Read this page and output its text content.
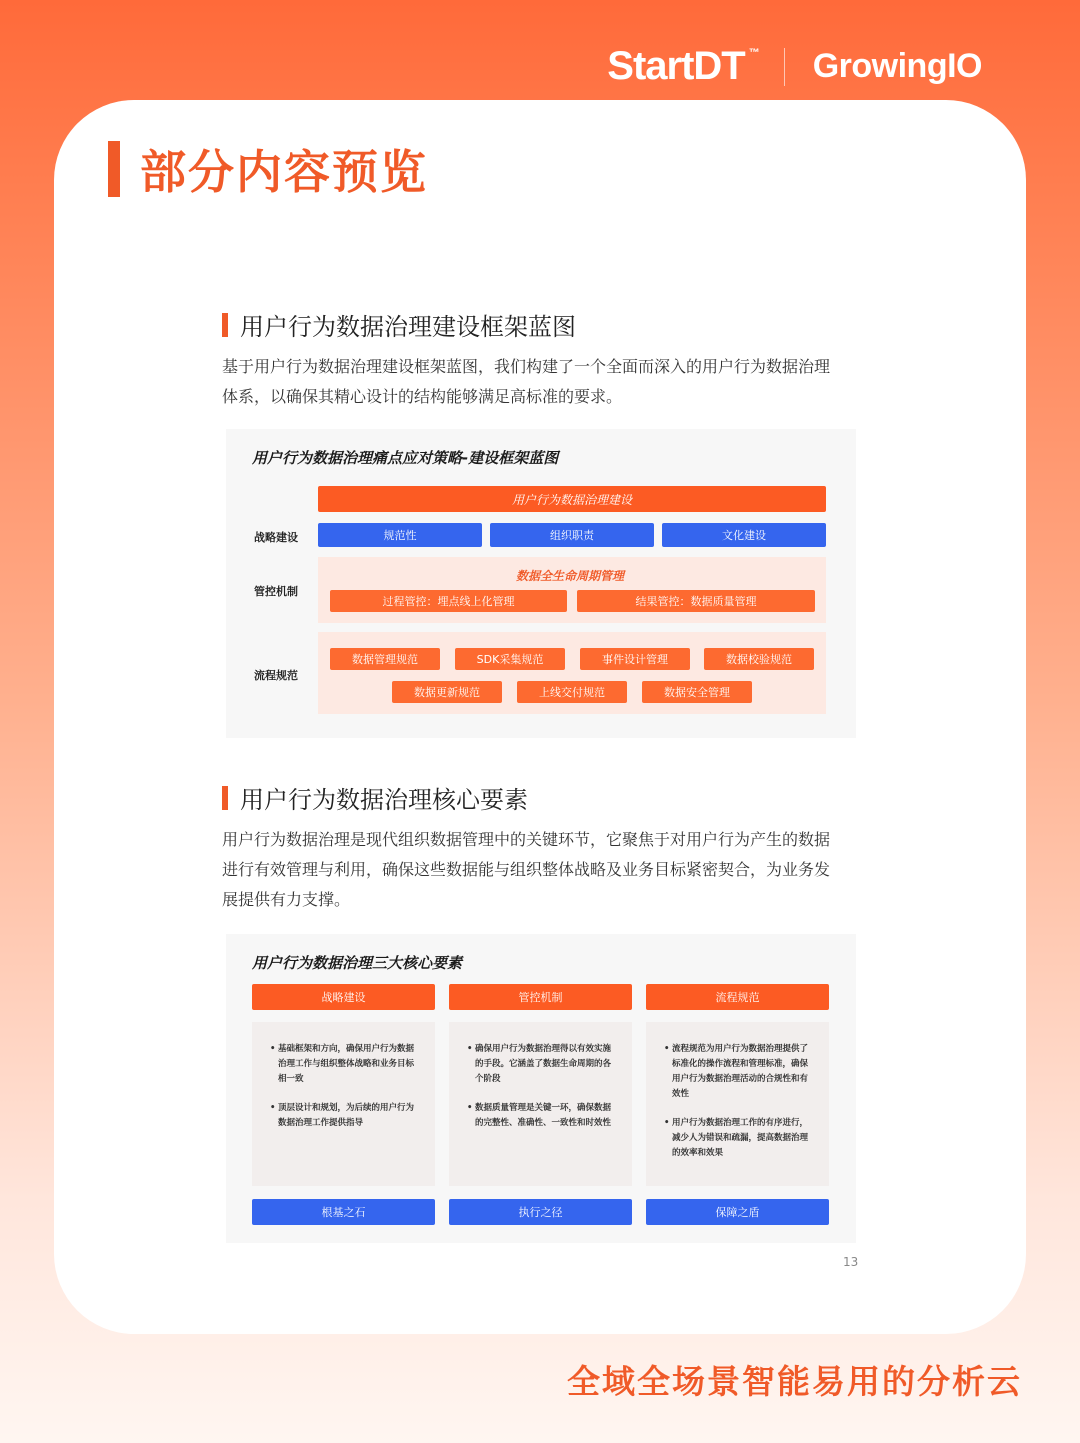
StartDT ™ GrowingIO
部分内容预览
用户行为数据治理建设框架蓝图
基于用户行为数据治理建设框架蓝图，我们构建了一个全面而深入的用户行为数据治理
体系，以确保其精心设计的结构能够满足高标准的要求。
用户行为数据治理痛点应对策略-建设框架蓝图
用户行为数据治理建设
战略建设	规范性	组织职责	文化建设
管控机制
数据全生命周期管理
过程管控：埋点线上化管理	结果管控：数据质量管理
流程规范
数据管理规范	SDK采集规范	事件设计管理	数据校验规范
数据更新规范	上线交付规范	数据安全管理
用户行为数据治理核心要素
用户行为数据治理是现代组织数据管理中的关键环节，它聚焦于对用户行为产生的数据
进行有效管理与利用，确保这些数据能与组织整体战略及业务目标紧密契合，为业务发
展提供有力支撑。
用户行为数据治理三大核心要素
战略建设
• 基础框架和方向，确保用户行为数据治理工作与组织整体战略和业务目标相一致
• 顶层设计和规划，为后续的用户行为数据治理工作提供指导
根基之石
管控机制
• 确保用户行为数据治理得以有效实施的手段。它涵盖了数据生命周期的各个阶段
• 数据质量管理是关键一环，确保数据的完整性、准确性、一致性和时效性
执行之径
流程规范
• 流程规范为用户行为数据治理提供了标准化的操作流程和管理标准，确保用户行为数据治理活动的合规性和有效性
• 用户行为数据治理工作的有序进行，减少人为错误和疏漏，提高数据治理的效率和效果
保障之盾
13
全域全场景智能易用的分析云
